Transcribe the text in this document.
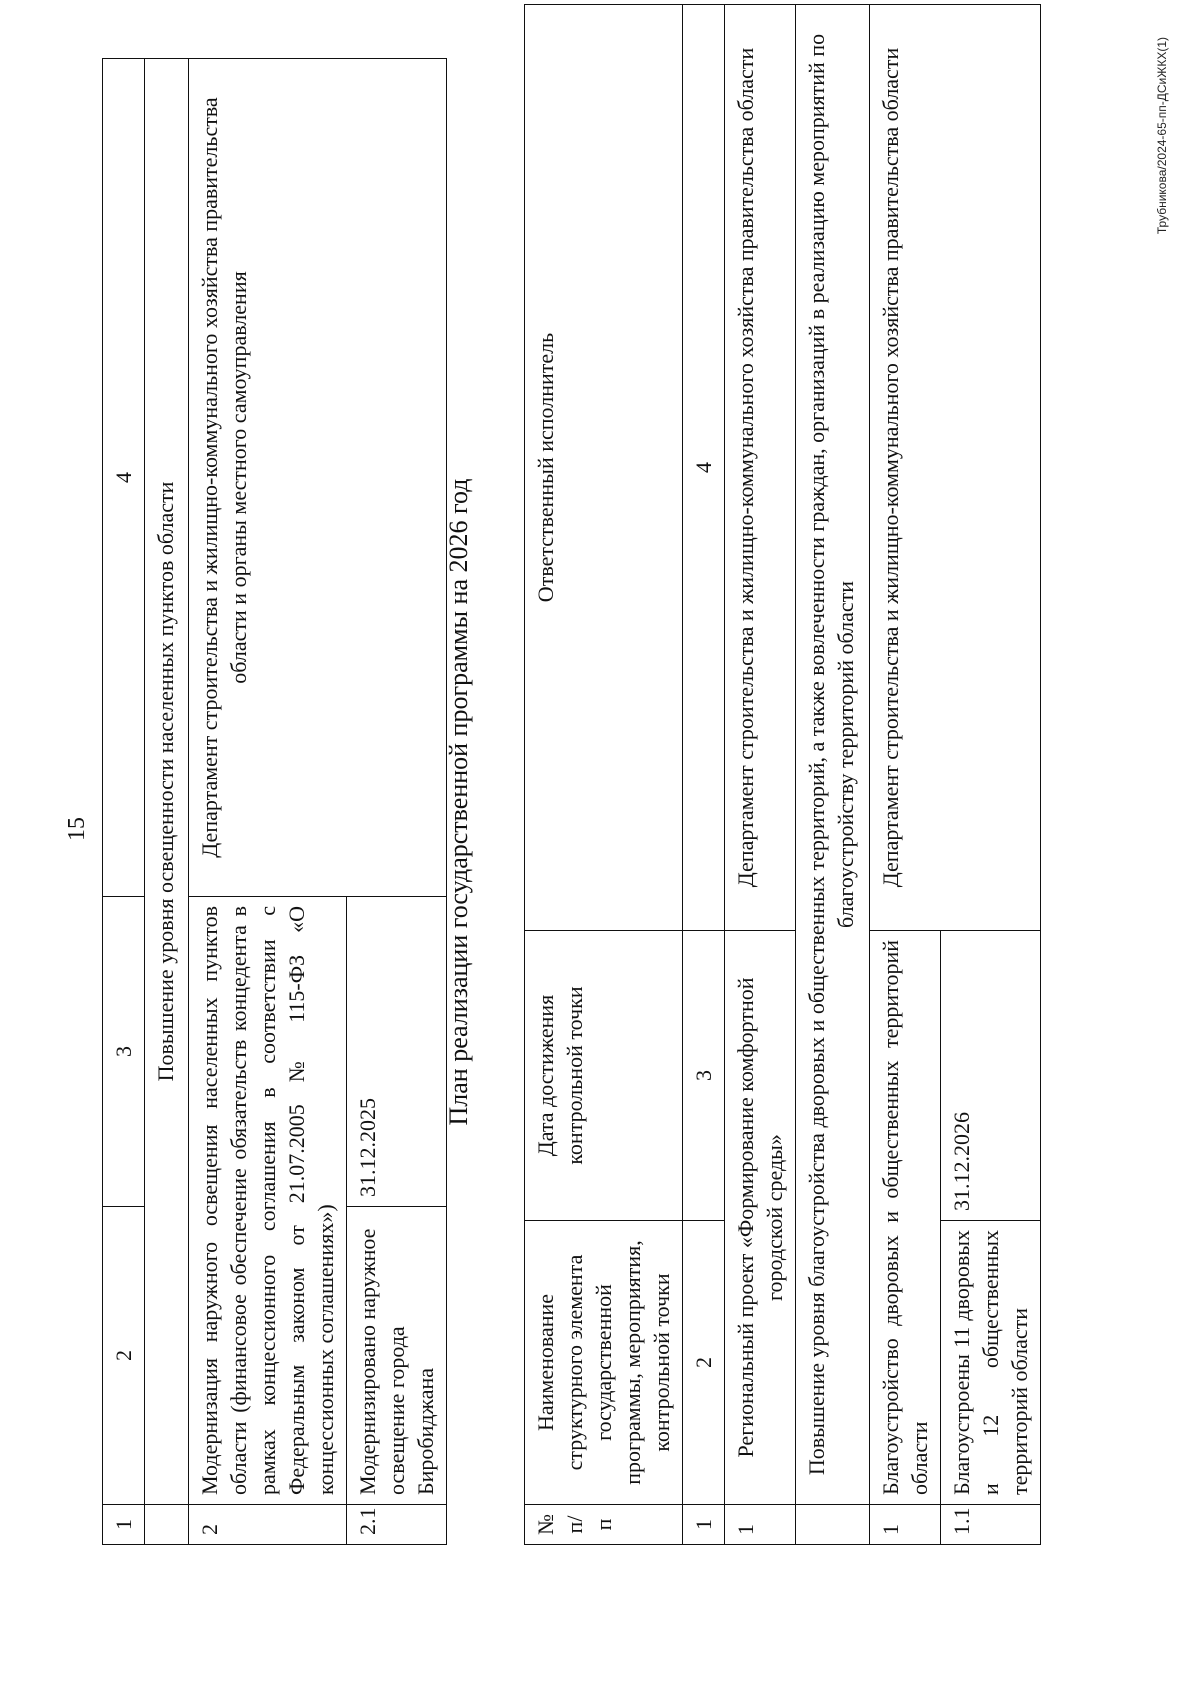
15
1	2	3	4
	Повышение уровня освещенности населенных пунктов области		
2	Модернизация наружного освещения населенных пунктов области (финансовое обеспечение обязательств концедента в рамках концессионного соглашения в соответствии с Федеральным законом от 21.07.2005 № 115-ФЗ «О концессионных соглашениях»)		Департамент строительства и жилищно-коммунального хозяйства правительства области и органы местного самоуправления
2.1	Модернизировано наружное освещение города Биробиджана	31.12.2025	
План реализации государственной программы на 2026 год
№ п/п	Наименование структурного элемента государственной программы, мероприятия, контрольной точки	Дата достижения контрольной точки	Ответственный исполнитель
1	2	3	4
1	Региональный проект «Формирование комфортной городской среды»		Департамент строительства и жилищно-коммунального хозяйства правительства области
	Повышение уровня благоустройства дворовых и общественных территорий, а также вовлеченности граждан, организаций в реализацию мероприятий по благоустройству территорий области		
1	Благоустройство дворовых и общественных территорий области		Департамент строительства и жилищно-коммунального хозяйства правительства области
1.1	Благоустроены 11 дворовых и 12 общественных территорий области	31.12.2026	
Трубникова/2024-65-пп-ДСиЖКХ(1)
